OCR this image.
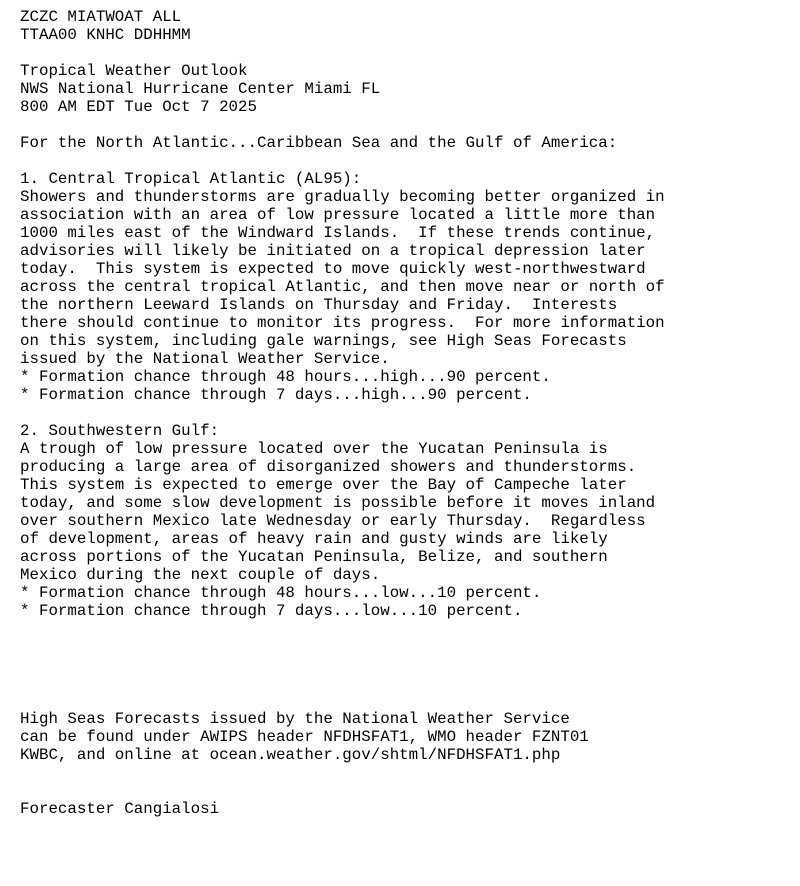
ZCZC MIATWOAT ALL
TTAA00 KNHC DDHHMM

Tropical Weather Outlook
NWS National Hurricane Center Miami FL
800 AM EDT Tue Oct 7 2025

For the North Atlantic...Caribbean Sea and the Gulf of America:

1. Central Tropical Atlantic (AL95):
Showers and thunderstorms are gradually becoming better organized in
association with an area of low pressure located a little more than
1000 miles east of the Windward Islands.  If these trends continue,
advisories will likely be initiated on a tropical depression later
today.  This system is expected to move quickly west-northwestward
across the central tropical Atlantic, and then move near or north of
the northern Leeward Islands on Thursday and Friday.  Interests
there should continue to monitor its progress.  For more information
on this system, including gale warnings, see High Seas Forecasts
issued by the National Weather Service.
* Formation chance through 48 hours...high...90 percent.
* Formation chance through 7 days...high...90 percent.

2. Southwestern Gulf:
A trough of low pressure located over the Yucatan Peninsula is
producing a large area of disorganized showers and thunderstorms.
This system is expected to emerge over the Bay of Campeche later
today, and some slow development is possible before it moves inland
over southern Mexico late Wednesday or early Thursday.  Regardless
of development, areas of heavy rain and gusty winds are likely
across portions of the Yucatan Peninsula, Belize, and southern
Mexico during the next couple of days.
* Formation chance through 48 hours...low...10 percent.
* Formation chance through 7 days...low...10 percent.

High Seas Forecasts issued by the National Weather Service
can be found under AWIPS header NFDHSFAT1, WMO header FZNT01
KWBC, and online at ocean.weather.gov/shtml/NFDHSFAT1.php

Forecaster Cangialosi
